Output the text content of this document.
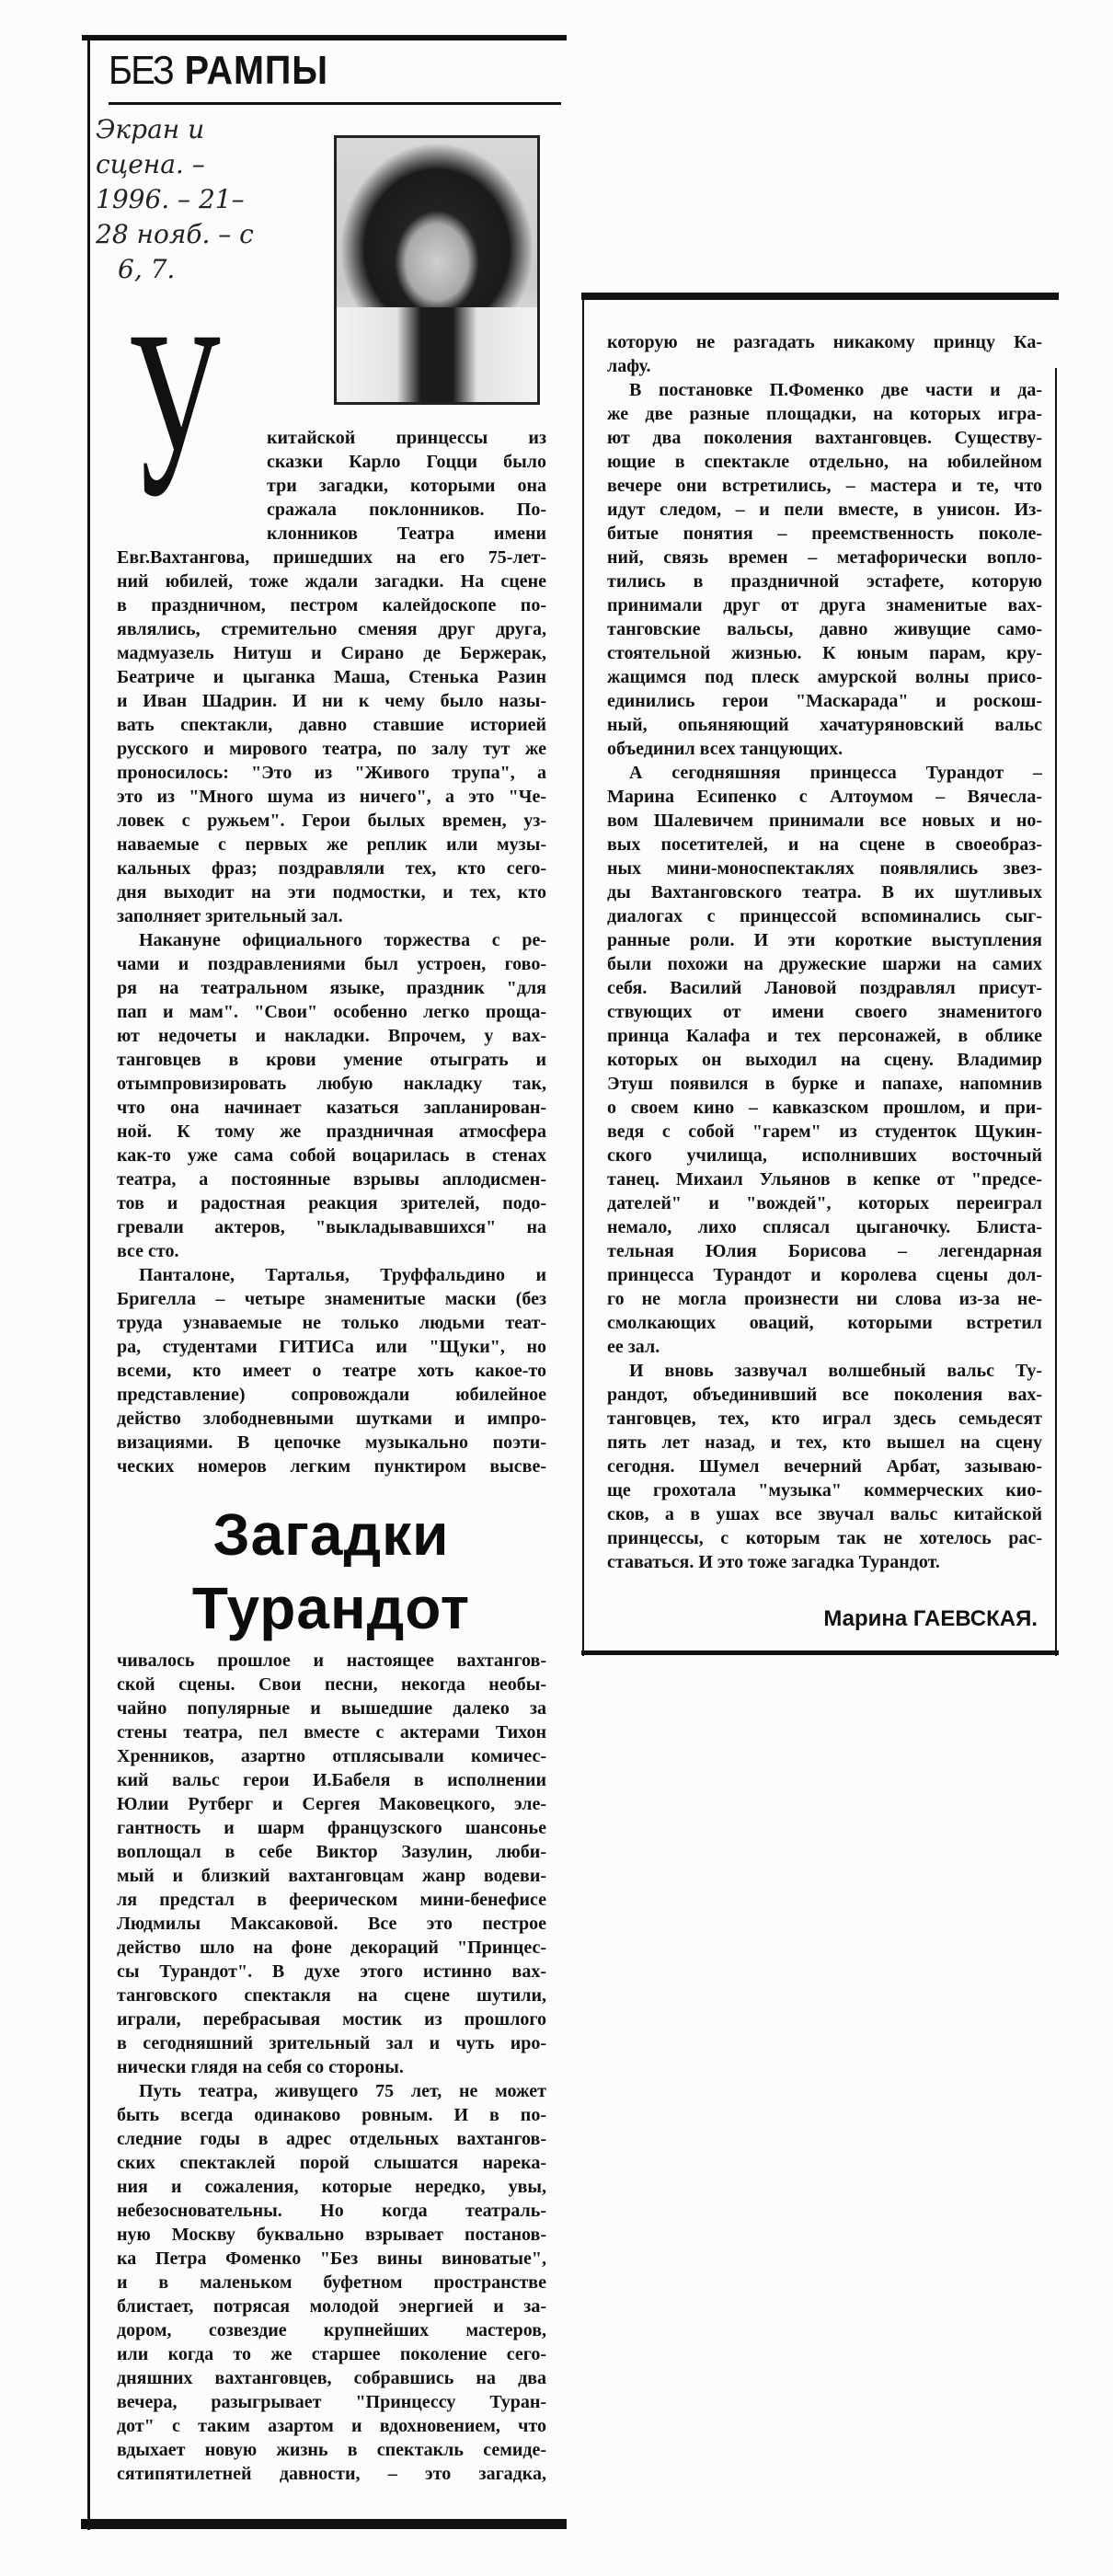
БЕЗ РАМПЫ
Экран и
сцена. –
1996. – 21–
28 нояб. – с
6, 7.
У	китайской принцессы из
сказки Карло Гоцци было
три загадки, которыми она
сражала поклонников. По-
клонников Театра имени
Евг.Вахтангова, пришедших на его 75-лет-
ний юбилей, тоже ждали загадки. На сцене
в праздничном, пестром калейдоскопе по-
являлись, стремительно сменяя друг друга,
мадмуазель Нитуш и Сирано де Бержерак,
Беатриче и цыганка Маша, Стенька Разин
и Иван Шадрин. И ни к чему было назы-
вать спектакли, давно ставшие историей
русского и мирового театра, по залу тут же
проносилось: "Это из "Живого трупа", а
это из "Много шума из ничего", а это "Че-
ловек с ружьем". Герои былых времен, уз-
наваемые с первых же реплик или музы-
кальных фраз; поздравляли тех, кто сего-
дня выходит на эти подмостки, и тех, кто
заполняет зрительный зал.
Накануне официального торжества с ре-
чами и поздравлениями был устроен, гово-
ря на театральном языке, праздник "для
пап и мам". "Свои" особенно легко проща-
ют недочеты и накладки. Впрочем, у вах-
танговцев в крови умение отыграть и
отымпровизировать любую накладку так,
что она начинает казаться запланирован-
ной. К тому же праздничная атмосфера
как-то уже сама собой воцарилась в стенах
театра, а постоянные взрывы аплодисмен-
тов и радостная реакция зрителей, подо-
гревали актеров, "выкладывавшихся" на
все сто.
Панталоне, Тарталья, Труффальдино и
Бригелла – четыре знаменитые маски (без
труда узнаваемые не только людьми теат-
ра, студентами ГИТИСа или "Щуки", но
всеми, кто имеет о театре хоть какое-то
представление) сопровождали юбилейное
действо злободневными шутками и импро-
визациями. В цепочке музыкально поэти-
ческих номеров легким пунктиром высве-
Загадки
Турандот
чивалось прошлое и настоящее вахтангов-
ской сцены. Свои песни, некогда необы-
чайно популярные и вышедшие далеко за
стены театра, пел вместе с актерами Тихон
Хренников, азартно отплясывали комичес-
кий вальс герои И.Бабеля в исполнении
Юлии Рутберг и Сергея Маковецкого, эле-
гантность и шарм французского шансонье
воплощал в себе Виктор Зазулин, люби-
мый и близкий вахтанговцам жанр водеви-
ля предстал в феерическом мини-бенефисе
Людмилы Максаковой. Все это пестрое
действо шло на фоне декораций "Принцес-
сы Турандот". В духе этого истинно вах-
танговского спектакля на сцене шутили,
играли, перебрасывая мостик из прошлого
в сегодняшний зрительный зал и чуть иро-
нически глядя на себя со стороны.
Путь театра, живущего 75 лет, не может
быть всегда одинаково ровным. И в по-
следние годы в адрес отдельных вахтангов-
ских спектаклей порой слышатся нарека-
ния и сожаления, которые нередко, увы,
небезосновательны. Но когда театраль-
ную Москву буквально взрывает постанов-
ка Петра Фоменко "Без вины виноватые",
и в маленьком буфетном пространстве
блистает, потрясая молодой энергией и за-
дором, созвездие крупнейших мастеров,
или когда то же старшее поколение сего-
дняшних вахтанговцев, собравшись на два
вечера, разыгрывает "Принцессу Туран-
дот" с таким азартом и вдохновением, что
вдыхает новую жизнь в спектакль семиде-
сятипятилетней давности, – это загадка,
которую не разгадать никакому принцу Ка-
лафу.
В постановке П.Фоменко две части и да-
же две разные площадки, на которых игра-
ют два поколения вахтанговцев. Существу-
ющие в спектакле отдельно, на юбилейном
вечере они встретились, – мастера и те, что
идут следом, – и пели вместе, в унисон. Из-
битые понятия – преемственность поколе-
ний, связь времен – метафорически вопло-
тились в праздничной эстафете, которую
принимали друг от друга знаменитые вах-
танговские вальсы, давно живущие само-
стоятельной жизнью. К юным парам, кру-
жащимся под плеск амурской волны присо-
единились герои "Маскарада" и роскош-
ный, опьяняющий хачатуряновский вальс
объединил всех танцующих.
А сегодняшняя принцесса Турандот –
Марина Есипенко с Алтоумом – Вячесла-
вом Шалевичем принимали все новых и но-
вых посетителей, и на сцене в своеобраз-
ных мини-моноспектаклях появлялись звез-
ды Вахтанговского театра. В их шутливых
диалогах с принцессой вспоминались сыг-
ранные роли. И эти короткие выступления
были похожи на дружеские шаржи на самих
себя. Василий Лановой поздравлял присут-
ствующих от имени своего знаменитого
принца Калафа и тех персонажей, в облике
которых он выходил на сцену. Владимир
Этуш появился в бурке и папахе, напомнив
о своем кино – кавказском прошлом, и при-
ведя с собой "гарем" из студенток Щукин-
ского училища, исполнивших восточный
танец. Михаил Ульянов в кепке от "предсе-
дателей" и "вождей", которых переиграл
немало, лихо сплясал цыганочку. Блиста-
тельная Юлия Борисова – легендарная
принцесса Турандот и королева сцены дол-
го не могла произнести ни слова из-за не-
смолкающих оваций, которыми встретил
ее зал.
И вновь зазвучал волшебный вальс Ту-
рандот, объединивший все поколения вах-
танговцев, тех, кто играл здесь семьдесят
пять лет назад, и тех, кто вышел на сцену
сегодня. Шумел вечерний Арбат, зазываю-
ще грохотала "музыка" коммерческих кио-
сков, а в ушах все звучал вальс китайской
принцессы, с которым так не хотелось рас-
ставаться. И это тоже загадка Турандот.
Марина ГАЕВСКАЯ.
